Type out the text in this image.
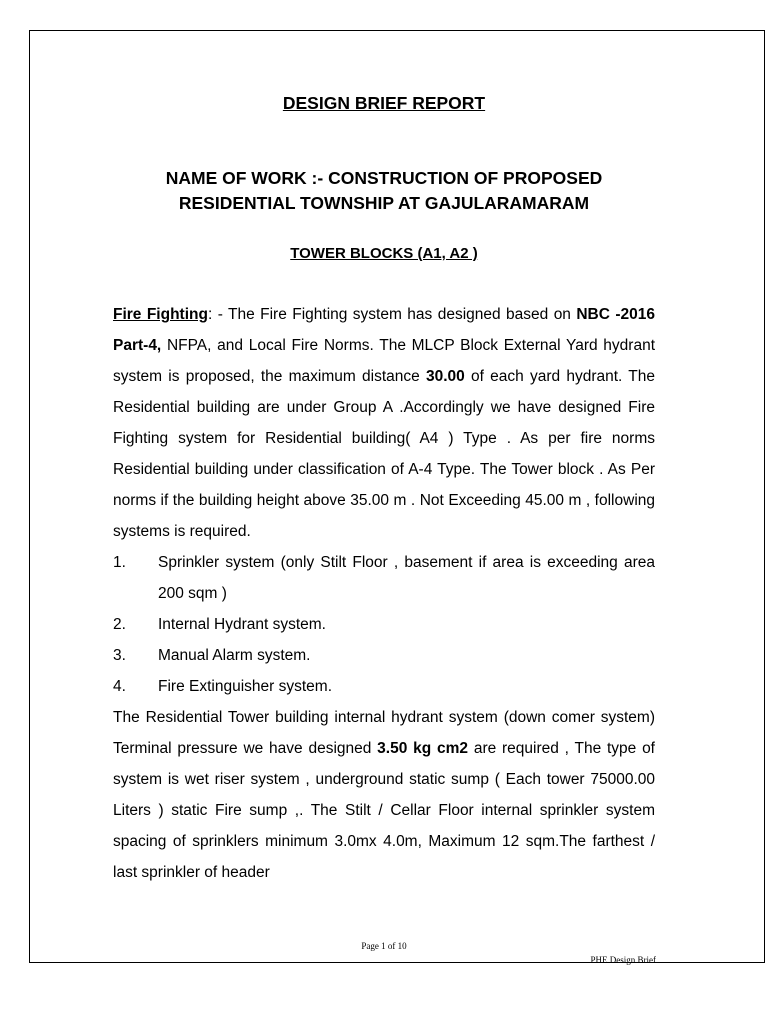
DESIGN BRIEF REPORT
NAME OF WORK :- CONSTRUCTION OF PROPOSED
RESIDENTIAL TOWNSHIP AT GAJULARAMARAM
TOWER BLOCKS (A1, A2 )
Fire Fighting: - The Fire Fighting system has designed based on NBC -2016 Part-4, NFPA, and Local Fire Norms. The MLCP Block External Yard hydrant system is proposed, the maximum distance 30.00 of each yard hydrant. The Residential building are under Group A .Accordingly we have designed Fire Fighting system for Residential building( A4 ) Type . As per fire norms Residential building under classification of A-4 Type. The Tower block . As Per norms if the building height above 35.00 m . Not Exceeding 45.00 m , following systems is required.
1.	Sprinkler system (only Stilt Floor , basement if area is exceeding area 200 sqm )
2.	Internal Hydrant system.
3.	Manual Alarm system.
4.	Fire Extinguisher system.
The Residential Tower building internal hydrant system (down comer system) Terminal pressure we have designed 3.50 kg cm2 are required , The type of system is wet riser system , underground static sump ( Each tower 75000.00 Liters ) static Fire sump ,. The Stilt / Cellar Floor internal sprinkler system spacing of sprinklers minimum 3.0mx 4.0m, Maximum 12 sqm.The farthest / last sprinkler of header
Page 1 of 10
PHE Design Brief
